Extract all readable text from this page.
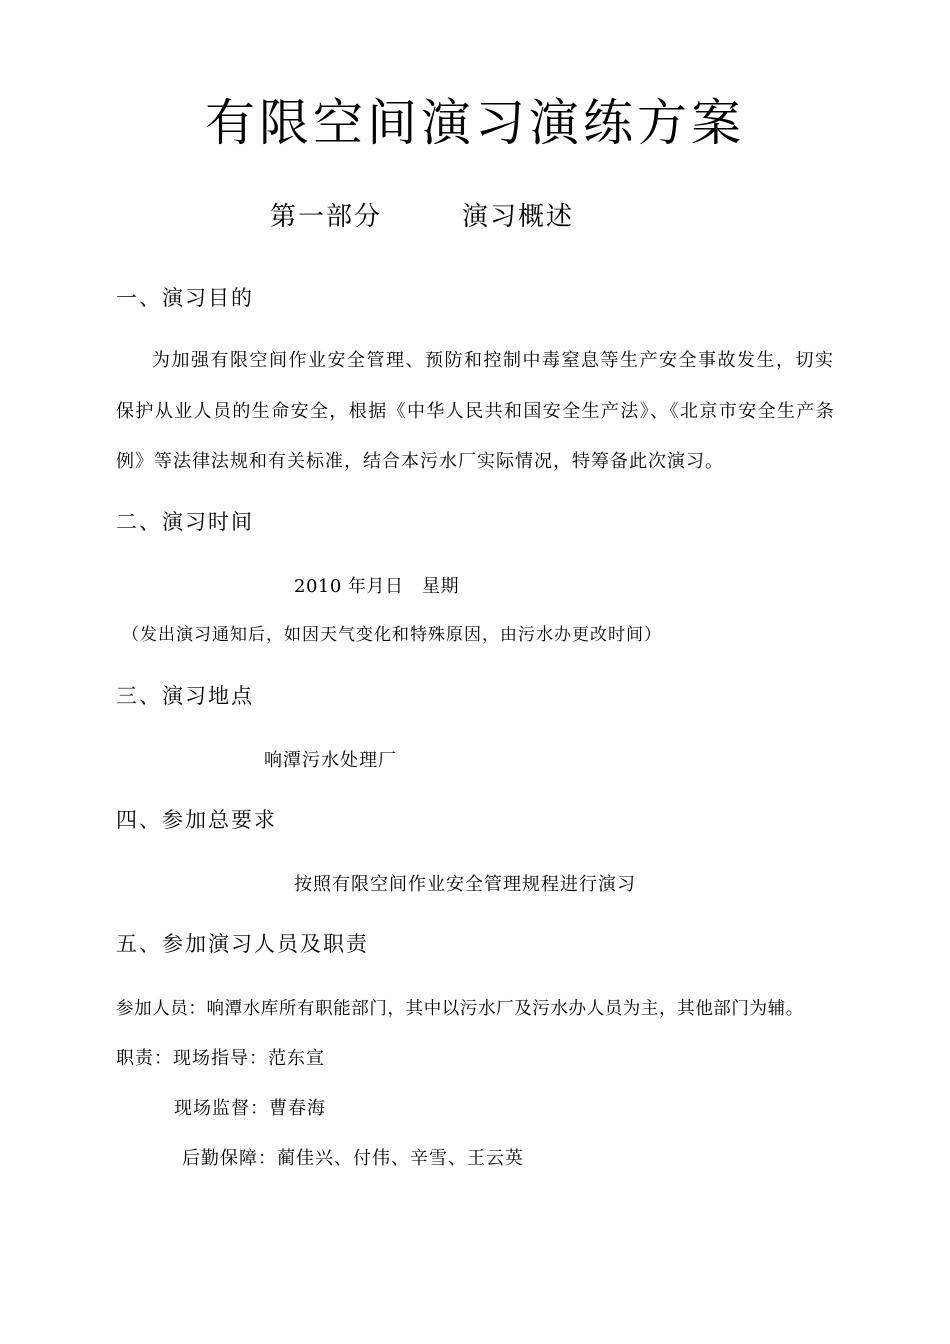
有限空间演习演练方案
第一部分	演习概述
一、演习目的
为加强有限空间作业安全管理、预防和控制中毒窒息等生产安全事故发生，切实
保护从业人员的生命安全，根据《中华人民共和国安全生产法》、《北京市安全生产条
例》等法律法规和有关标准，结合本污水厂实际情况，特筹备此次演习。
二、演习时间
2010 年月日　星期
（发出演习通知后，如因天气变化和特殊原因，由污水办更改时间）
三、演习地点
响潭污水处理厂
四、参加总要求
按照有限空间作业安全管理规程进行演习
五、参加演习人员及职责
参加人员：响潭水库所有职能部门，其中以污水厂及污水办人员为主，其他部门为辅。
职责：现场指导：范东宣
现场监督：曹春海
后勤保障：蔺佳兴、付伟、辛雪、王云英
